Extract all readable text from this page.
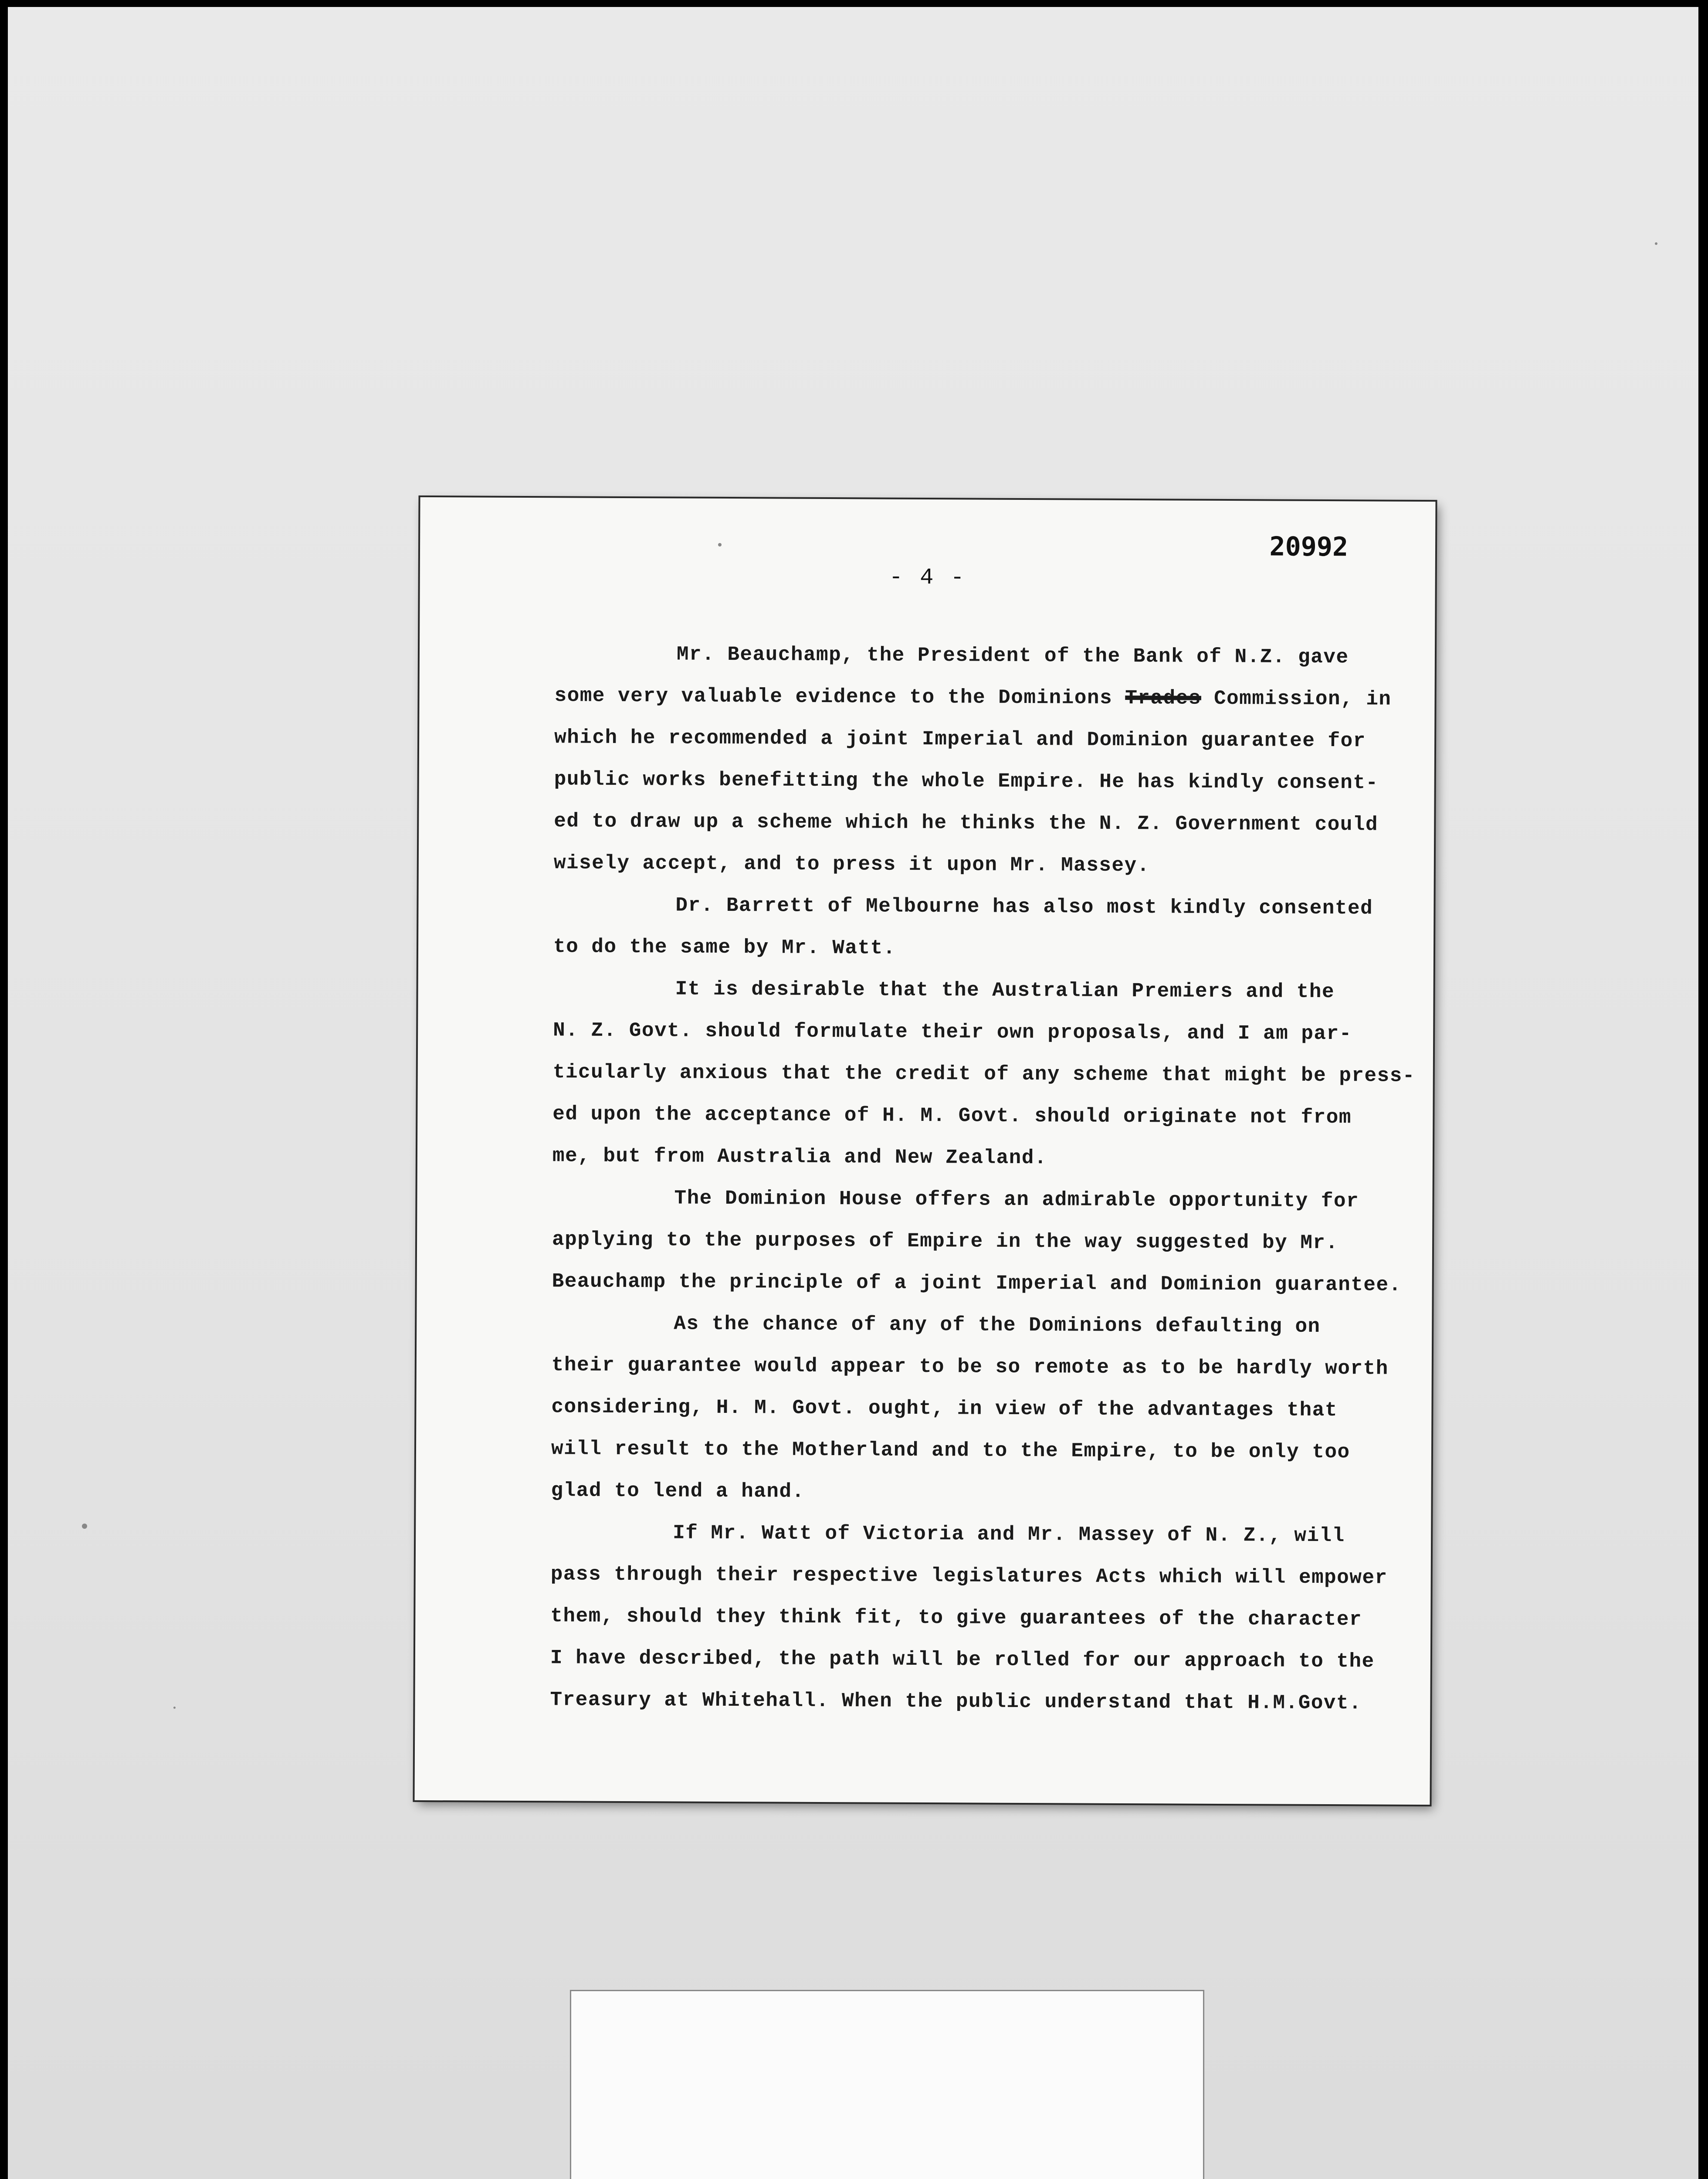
20992
- 4 -
Mr. Beauchamp, the President of the Bank of N.Z. gave
some very valuable evidence to the Dominions Trades Commission, in
which he recommended a joint Imperial and Dominion guarantee for
public works benefitting the whole Empire. He has kindly consent-
ed to draw up a scheme which he thinks the N. Z. Government could
wisely accept, and to press it upon Mr. Massey.
Dr. Barrett of Melbourne has also most kindly consented
to do the same by Mr. Watt.
It is desirable that the Australian Premiers and the
N. Z. Govt. should formulate their own proposals, and I am par-
ticularly anxious that the credit of any scheme that might be press-
ed upon the acceptance of H. M. Govt. should originate not from
me, but from Australia and New Zealand.
The Dominion House offers an admirable opportunity for
applying to the purposes of Empire in the way suggested by Mr.
Beauchamp the principle of a joint Imperial and Dominion guarantee.
As the chance of any of the Dominions defaulting on
their guarantee would appear to be so remote as to be hardly worth
considering, H. M. Govt. ought, in view of the advantages that
will result to the Motherland and to the Empire, to be only too
glad to lend a hand.
If Mr. Watt of Victoria and Mr. Massey of N. Z., will
pass through their respective legislatures Acts which will empower
them, should they think fit, to give guarantees of the character
I have described, the path will be rolled for our approach to the
Treasury at Whitehall. When the public understand that H.M.Govt.
